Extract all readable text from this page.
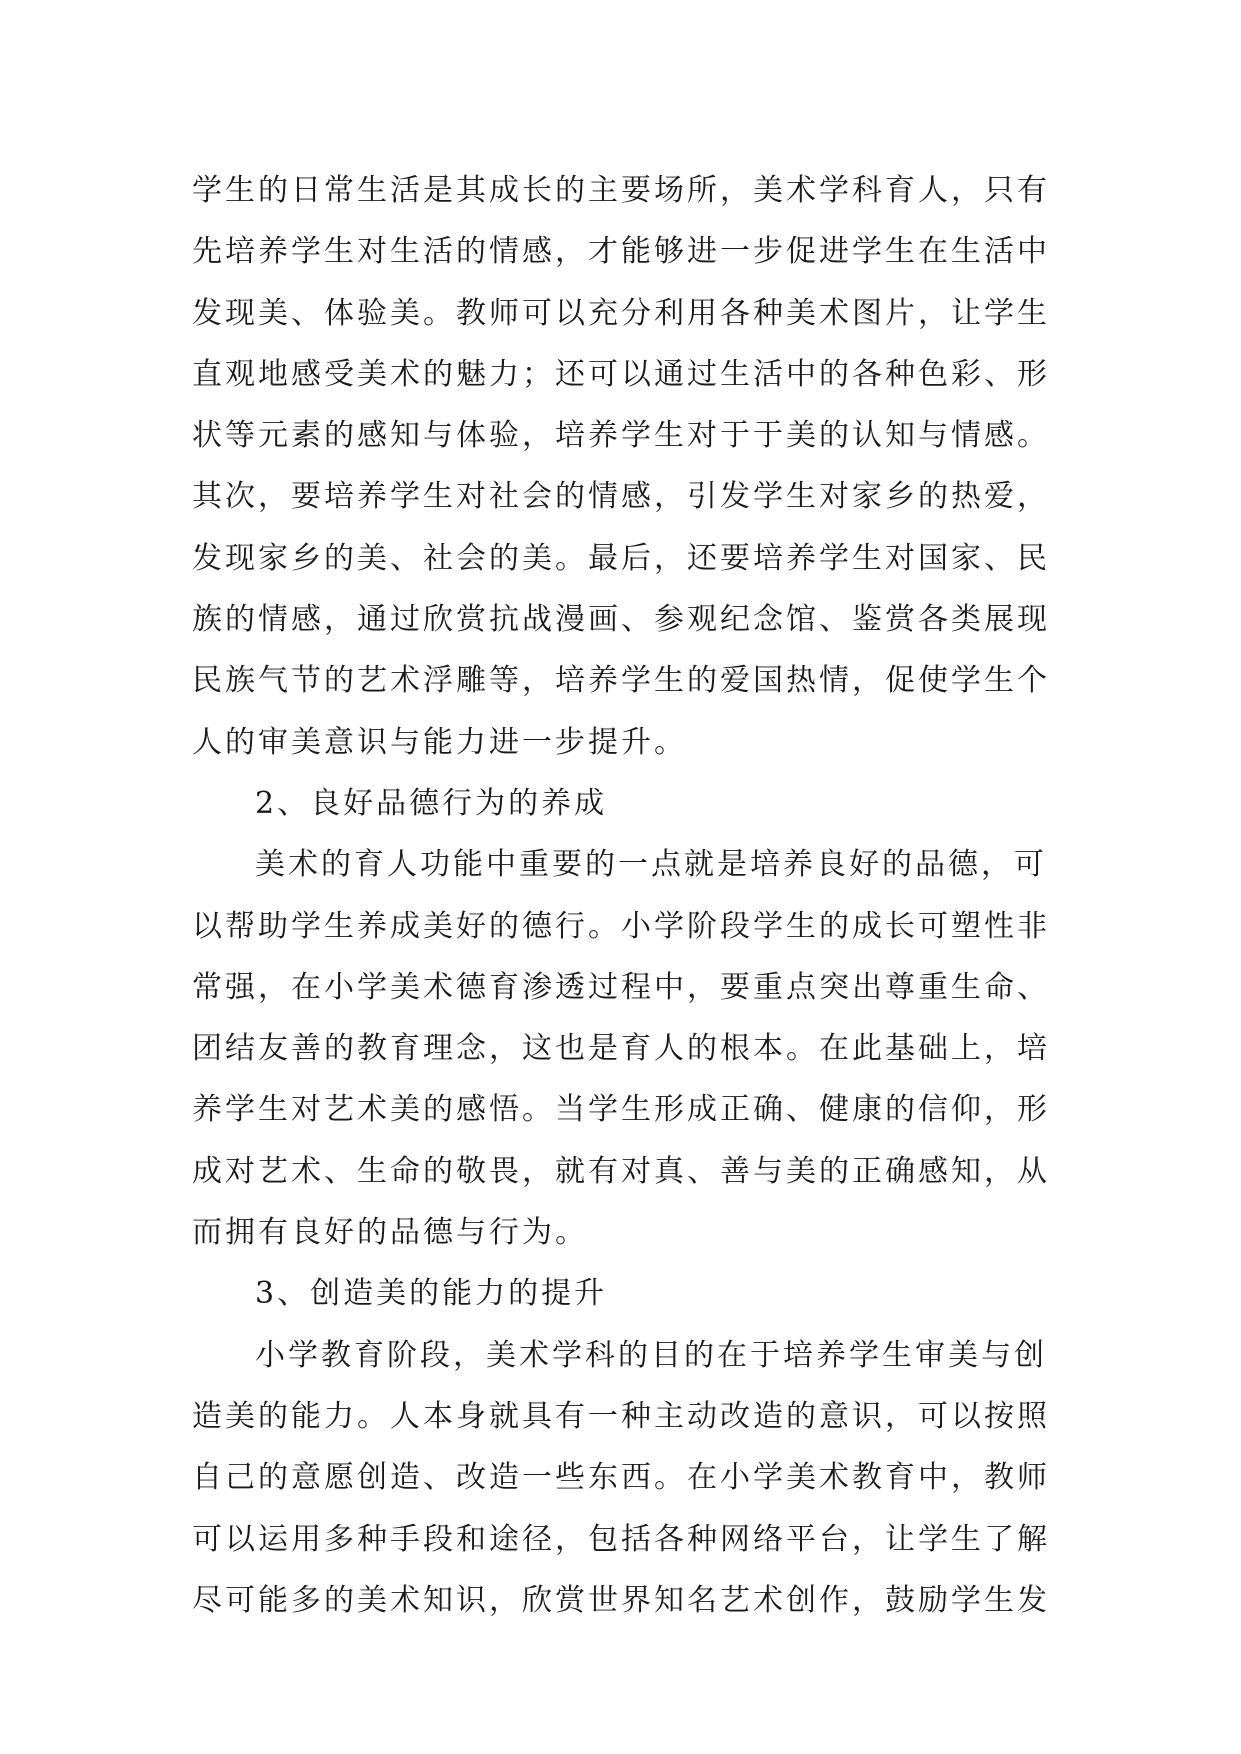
学生的日常生活是其成长的主要场所，美术学科育人，只有
先培养学生对生活的情感，才能够进一步促进学生在生活中
发现美、体验美。教师可以充分利用各种美术图片，让学生
直观地感受美术的魅力；还可以通过生活中的各种色彩、形
状等元素的感知与体验，培养学生对于于美的认知与情感。
其次，要培养学生对社会的情感，引发学生对家乡的热爱，
发现家乡的美、社会的美。最后，还要培养学生对国家、民
族的情感，通过欣赏抗战漫画、参观纪念馆、鉴赏各类展现
民族气节的艺术浮雕等，培养学生的爱国热情，促使学生个
人的审美意识与能力进一步提升。
2、良好品德行为的养成
美术的育人功能中重要的一点就是培养良好的品德，可
以帮助学生养成美好的德行。小学阶段学生的成长可塑性非
常强，在小学美术德育渗透过程中，要重点突出尊重生命、
团结友善的教育理念，这也是育人的根本。在此基础上，培
养学生对艺术美的感悟。当学生形成正确、健康的信仰，形
成对艺术、生命的敬畏，就有对真、善与美的正确感知，从
而拥有良好的品德与行为。
3、创造美的能力的提升
小学教育阶段，美术学科的目的在于培养学生审美与创
造美的能力。人本身就具有一种主动改造的意识，可以按照
自己的意愿创造、改造一些东西。在小学美术教育中，教师
可以运用多种手段和途径，包括各种网络平台，让学生了解
尽可能多的美术知识，欣赏世界知名艺术创作，鼓励学生发
